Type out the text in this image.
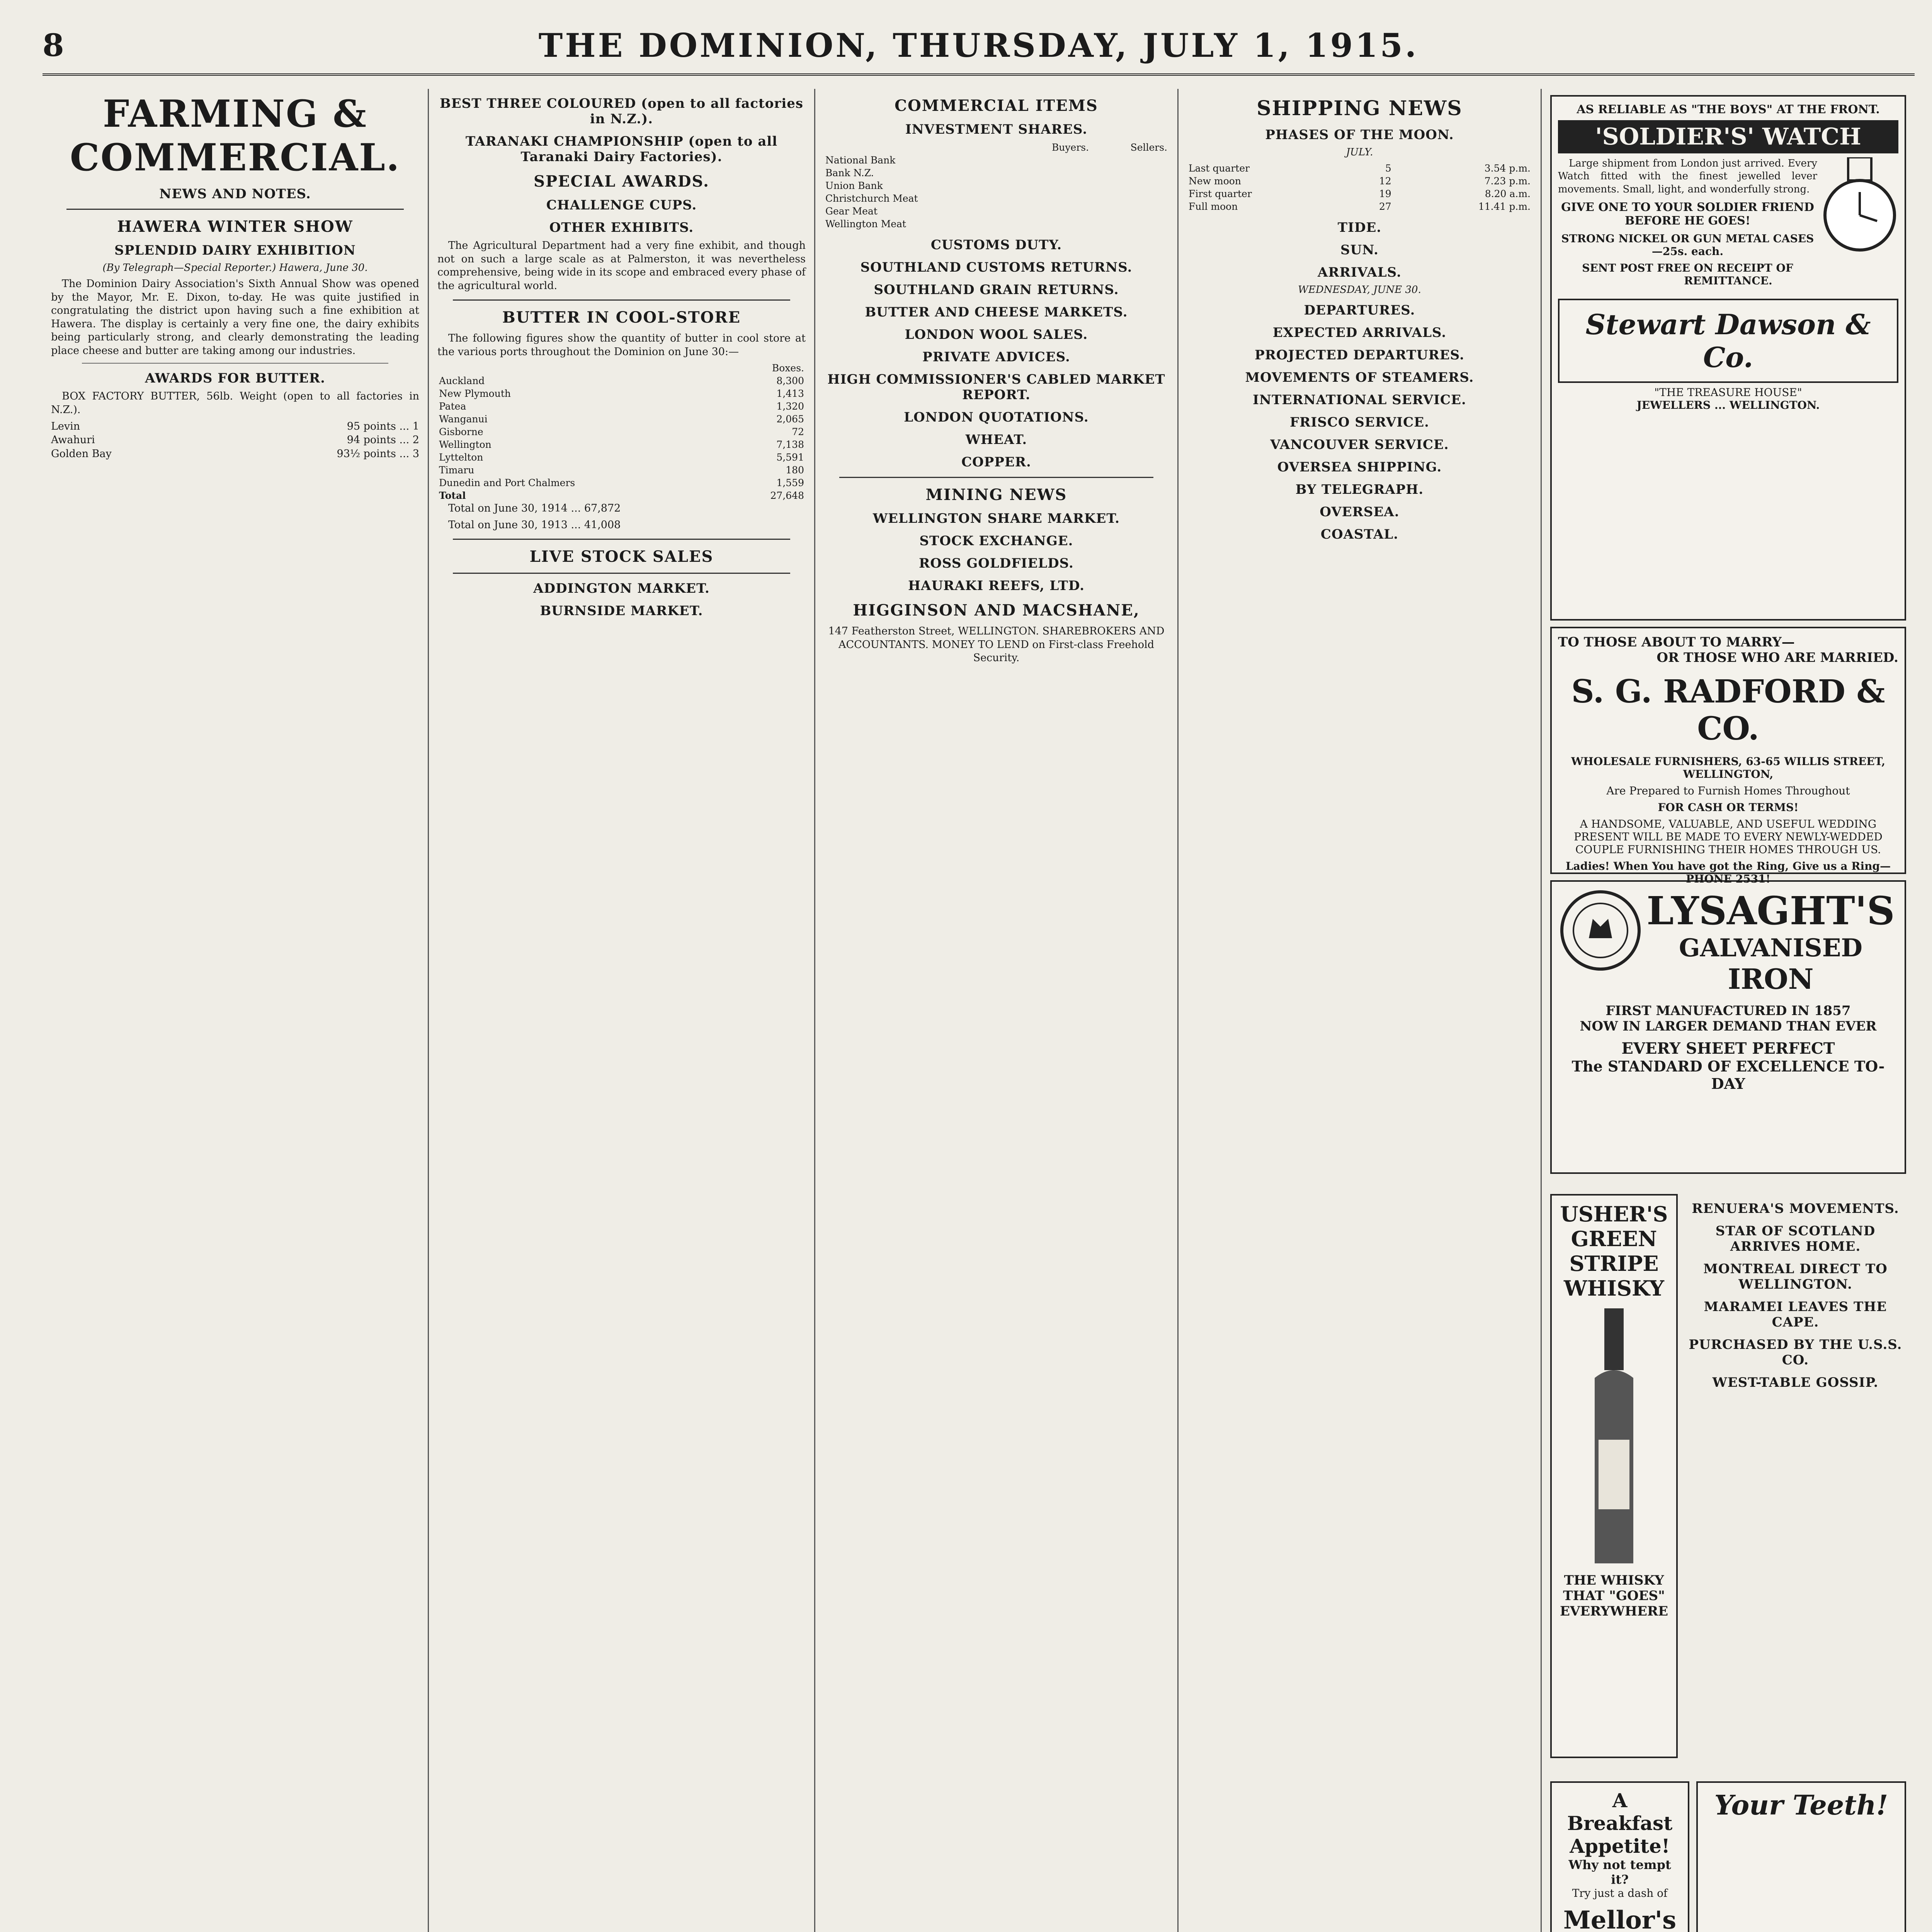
8	THE DOMINION, THURSDAY, JULY 1, 1915.
FARMING & COMMERCIAL.
NEWS AND NOTES.
HAWERA WINTER SHOW
SPLENDID DAIRY EXHIBITION
(By Telegraph—Special Reporter.) Hawera, June 30.

The Dominion Dairy Association's Sixth Annual Show was opened by the Mayor, Mr. E. Dixon, to-day. He was quite justified in congratulating the district upon having such a fine exhibition at Hawera. The display is certainly a very fine one, the dairy exhibits being particularly strong, and clearly demonstrating the leading place cheese and butter are taking among our industries.

AWARDS FOR BUTTER.

BOX FACTORY BUTTER, 56lb. Weight (open to all factories in N.Z.).

Levin	95 points ... 1
Awahuri	94 points ... 2
Golden Bay	93½ points ... 3
BEST THREE COLOURED (open to all factories in N.Z.).
TARANAKI CHAMPIONSHIP (open to all Taranaki Dairy Factories).
SPECIAL AWARDS.
CHALLENGE CUPS.
OTHER EXHIBITS.

The Agricultural Department had a very fine exhibit, and though not on such a large scale as at Palmerston, it was nevertheless comprehensive, being wide in its scope and embraced every phase of the agricultural world.

BUTTER IN COOL-STORE

The following figures show the quantity of butter in cool store at the various ports throughout the Dominion on June 30:—

	Boxes.
Auckland	8,300
New Plymouth	1,413
Patea	1,320
Wanganui	2,065
Gisborne	72
Wellington	7,138
Lyttelton	5,591
Timaru	180
Dunedin and Port Chalmers	1,559
Total	27,648

Total on June 30, 1914 ... 67,872

Total on June 30, 1913 ... 41,008

LIVE STOCK SALES
ADDINGTON MARKET.
BURNSIDE MARKET.
COMMERCIAL ITEMS
INVESTMENT SHARES.
	Buyers.	Sellers.
National Bank		
Bank N.Z.		
Union Bank		
Christchurch Meat		
Gear Meat		
Wellington Meat		
CUSTOMS DUTY.
SOUTHLAND CUSTOMS RETURNS.
SOUTHLAND GRAIN RETURNS.
BUTTER AND CHEESE MARKETS.
LONDON WOOL SALES.
PRIVATE ADVICES.
HIGH COMMISSIONER'S CABLED MARKET REPORT.
LONDON QUOTATIONS.
WHEAT.
COPPER.
MINING NEWS
WELLINGTON SHARE MARKET.
STOCK EXCHANGE.
ROSS GOLDFIELDS.
HAURAKI REEFS, LTD.
HIGGINSON AND MACSHANE,

147 Featherston Street, WELLINGTON. SHAREBROKERS AND ACCOUNTANTS. MONEY TO LEND on First-class Freehold Security.

SHIPPING NEWS
PHASES OF THE MOON.
JULY.
Last quarter	5	3.54 p.m.
New moon	12	7.23 p.m.
First quarter	19	8.20 a.m.
Full moon	27	11.41 p.m.
TIDE.
SUN.
ARRIVALS.
WEDNESDAY, JUNE 30.
DEPARTURES.
EXPECTED ARRIVALS.
PROJECTED DEPARTURES.
MOVEMENTS OF STEAMERS.
INTERNATIONAL SERVICE.
FRISCO SERVICE.
VANCOUVER SERVICE.
OVERSEA SHIPPING.
BY TELEGRAPH.
OVERSEA.
COASTAL.
AS RELIABLE AS "THE BOYS" AT THE FRONT.
'SOLDIER'S' WATCH

Large shipment from London just arrived. Every Watch fitted with the finest jewelled lever movements. Small, light, and wonderfully strong.

GIVE ONE TO YOUR SOLDIER FRIEND BEFORE HE GOES!
STRONG NICKEL OR GUN METAL CASES—25s. each.
SENT POST FREE ON RECEIPT OF REMITTANCE.
Stewart Dawson & Co.
"THE TREASURE HOUSE"
JEWELLERS ... WELLINGTON.
TO THOSE ABOUT TO MARRY—
OR THOSE WHO ARE MARRIED.
S. G. RADFORD & CO.
WHOLESALE FURNISHERS, 63-65 WILLIS STREET, WELLINGTON,
Are Prepared to Furnish Homes Throughout
FOR CASH OR TERMS!
A HANDSOME, VALUABLE, AND USEFUL WEDDING PRESENT WILL BE MADE TO EVERY NEWLY-WEDDED COUPLE FURNISHING THEIR HOMES THROUGH US.
Ladies! When You have got the Ring, Give us a Ring—PHONE 2531!
LYSAGHT'S
GALVANISED
IRON
FIRST MANUFACTURED IN 1857
NOW IN LARGER DEMAND THAN EVER
EVERY SHEET PERFECT
The STANDARD OF EXCELLENCE TO-DAY
USHER'S GREEN STRIPE WHISKY
THE WHISKY THAT "GOES" EVERYWHERE
RENUERA'S MOVEMENTS.
STAR OF SCOTLAND ARRIVES HOME.
MONTREAL DIRECT TO WELLINGTON.
MARAMEI LEAVES THE CAPE.
PURCHASED BY THE U.S.S. CO.
WEST-TABLE GOSSIP.
A Breakfast Appetite!
Why not tempt it?
Try just a dash of
Mellor's
Your Teeth!
